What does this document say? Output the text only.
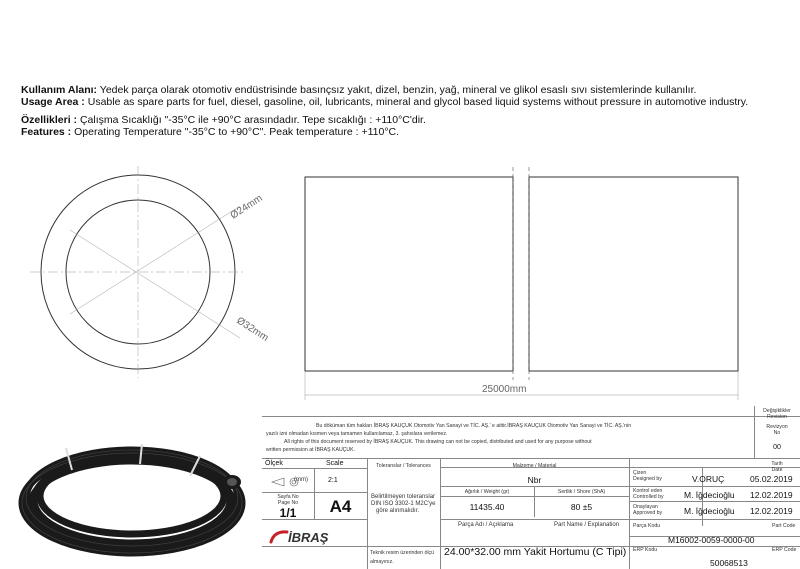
Kullanım Alanı: Yedek parça olarak otomotiv endüstrisinde basınçsız yakıt, dizel, benzin, yağ, mineral ve glikol esaslı sıvı sistemlerinde kullanılır.
Usage Area : Usable as spare parts for fuel, diesel, gasoline, oil, lubricants, mineral and glycol based liquid systems without pressure in automotive industry.
Özellikleri : Çalışma Sıcaklığı "-35°C ile +90°C arasındadır. Tepe sıcaklığı : +110°C'dir.
Features : Operating Temperature "-35°C to +90°C". Peak temperature : +110°C.
Ø24mm
Ø32mm
25000mm
Değişiklikler
Revision
Revizyon
No
00
Bu döküman tüm hakları İBRAŞ KAUÇUK Otomotiv Yan Sanayi ve TİC. AŞ.' e aittir.İBRAŞ KAUÇUK Otomotiv Yan Sanayi ve TİC. AŞ.'nin
yazılı izni olmadan kısmen veya tamamen kullanılamaz, 3. şahıslara verilemez.
All rights of this document reserved by İBRAŞ KAUÇUK. This drawing can not be copied, distributed and used for any purpose without
written permission at İBRAŞ KAUÇUK.
Tarih
Date
Ölçek	Scale
(mm)	2:1
Sayfa No
Page No
1/1	A4
İBRAŞ
Toleranslar / Tolerances
Belirtilmeyen toleranslar
DIN ISO 3302-1 M2C'ye
göre alınmalıdır.
Teknik resim üzerinden ölçü
almayınız.
Malzeme / Material
Nbr
Ağırlık / Weight (gr)
11435.40
Sertlik / Shore (ShA)
80 ±5
Çizen
Designed by	V.ORUÇ	05.02.2019
Kontrol eden
Controlled by M. İğdecioğlu 12.02.2019
Onaylayan
Approved by	M. İğdecioğlu 12.02.2019
Parça Adı / Açıklama	Part Name / Explanation
24.00*32.00 mm Yakit Hortumu (C Tipi)
Parça Kodu	Part Code
M16002-0059-0000-00
ERP Kodu	ERP Code
50068513
